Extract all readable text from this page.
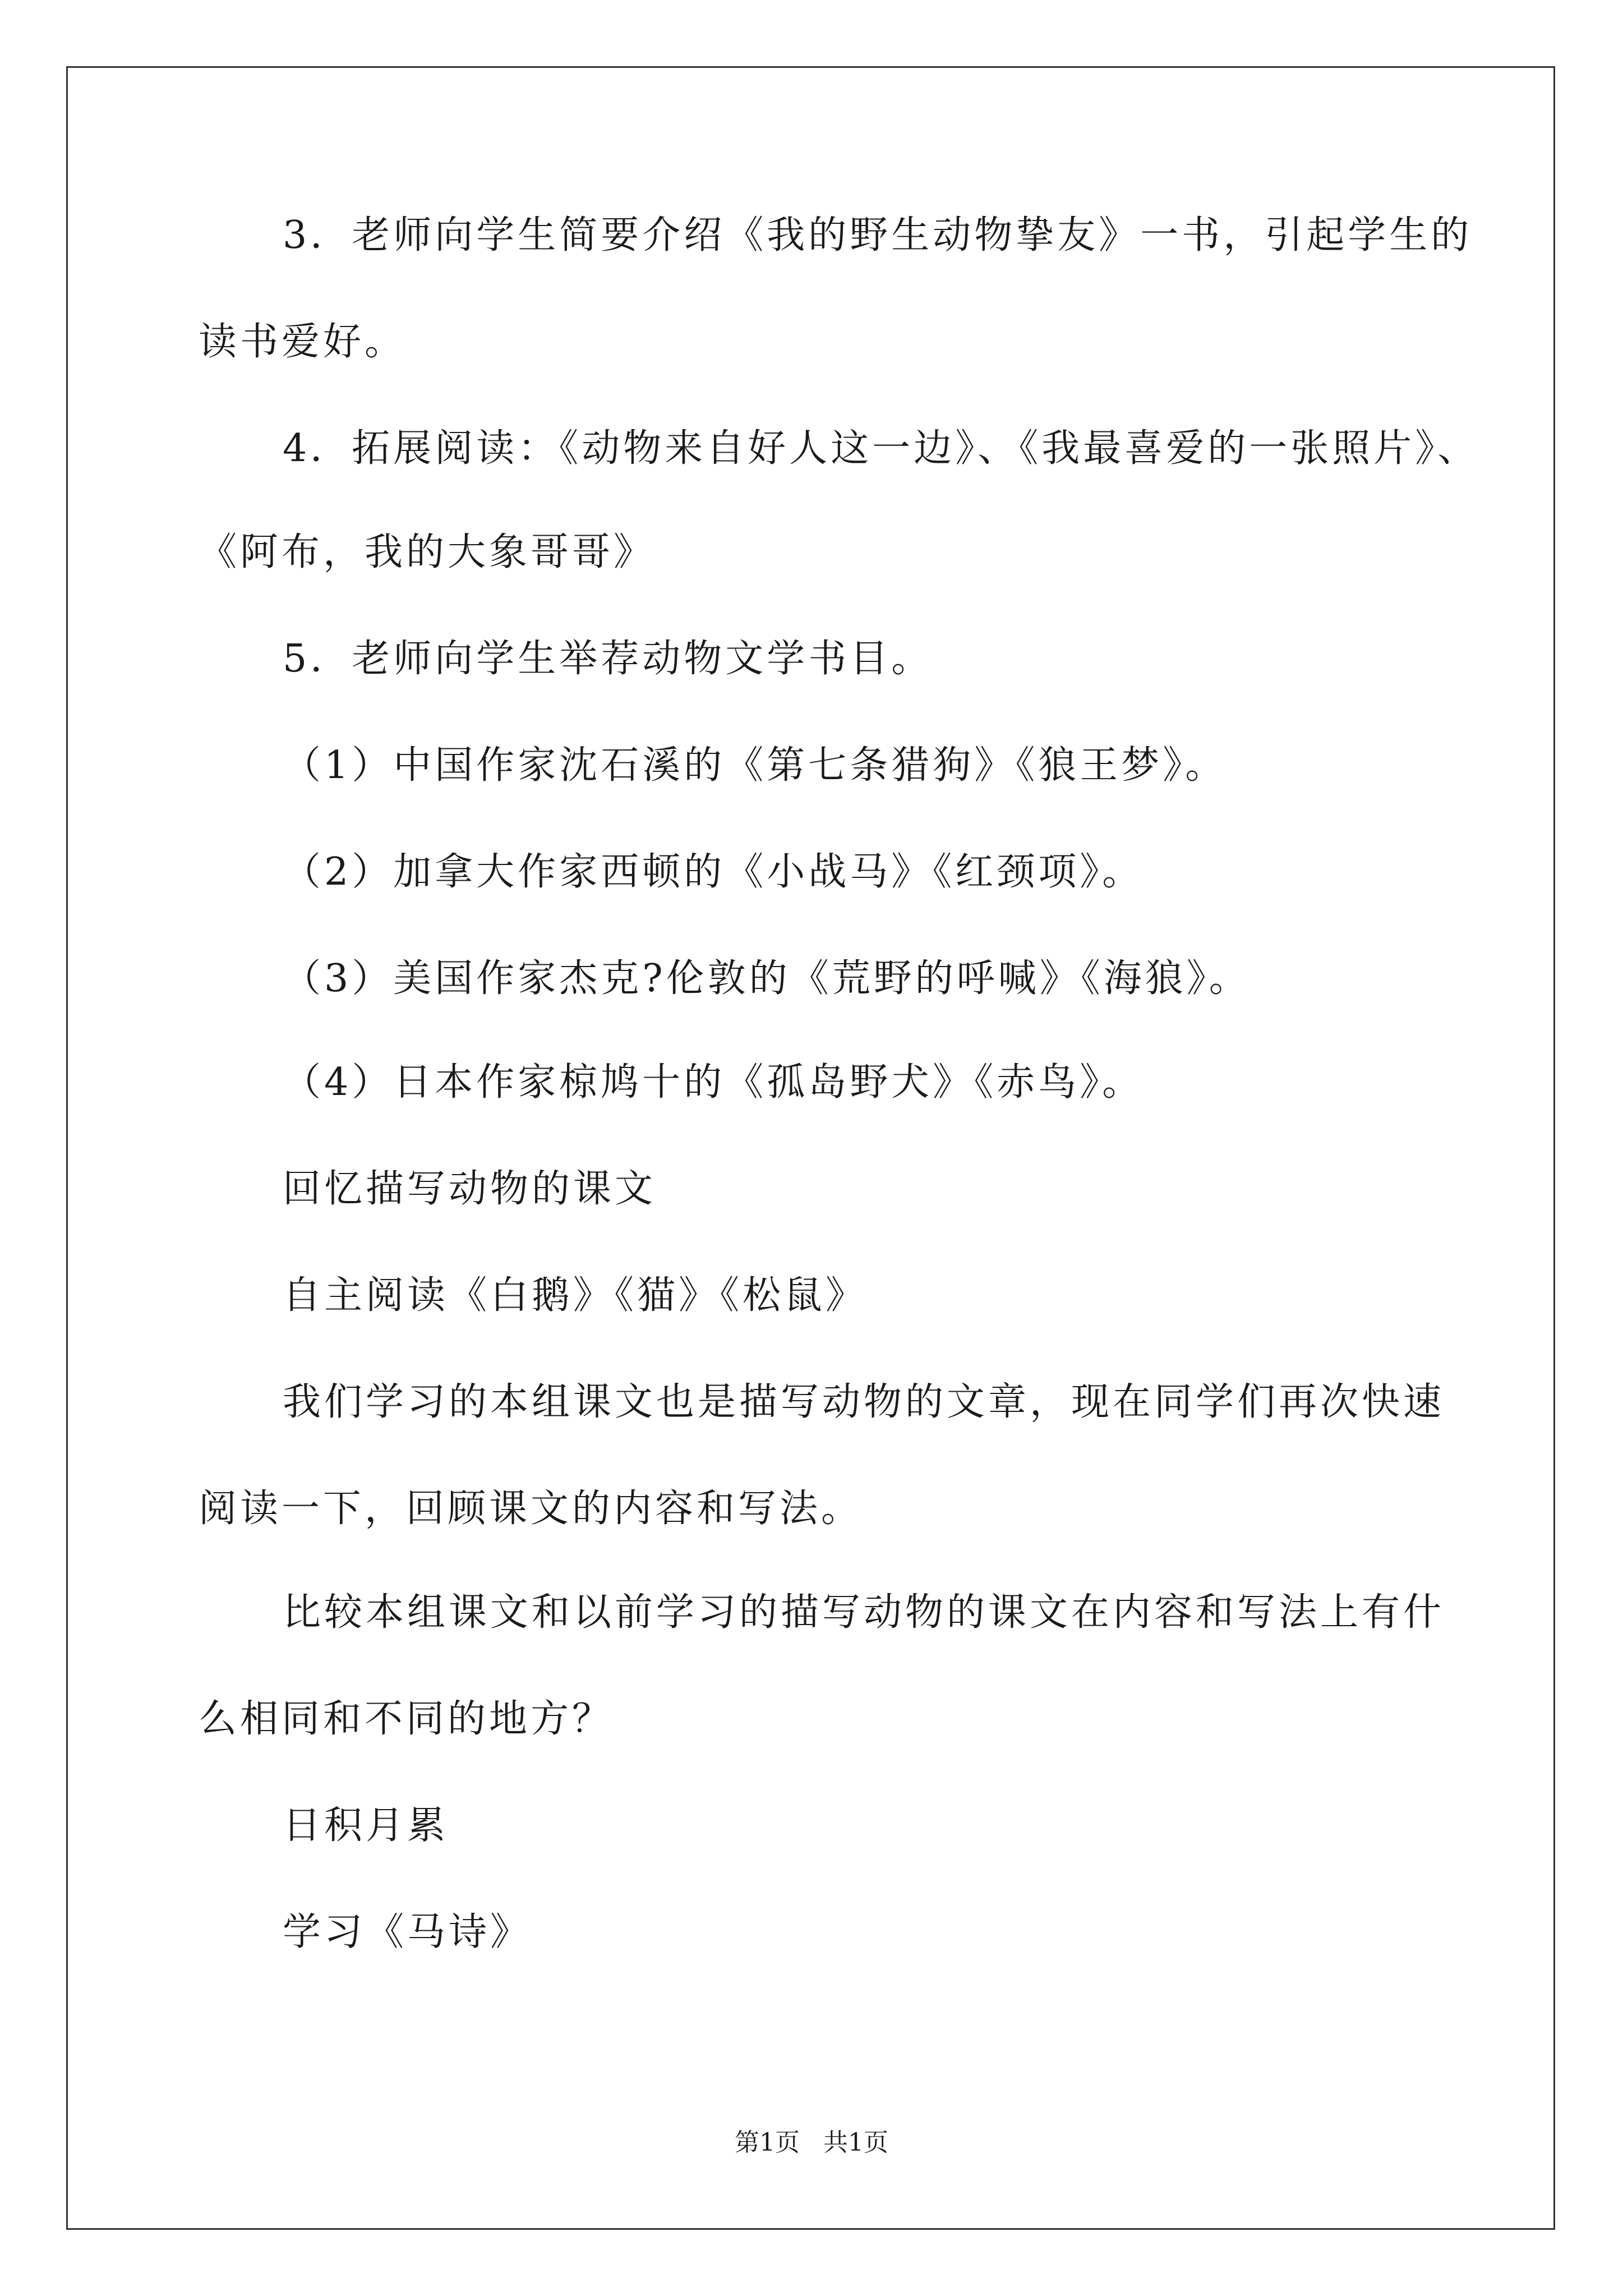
3．老师向学生简要介绍《我的野生动物挚友》一书，引起学生的
读书爱好。
4．拓展阅读：《动物来自好人这一边》、《我最喜爱的一张照片》、
《阿布，我的大象哥哥》
5．老师向学生举荐动物文学书目。
（1）中国作家沈石溪的《第七条猎狗》《狼王梦》。
（2）加拿大作家西顿的《小战马》《红颈项》。
（3）美国作家杰克?伦敦的《荒野的呼喊》《海狼》。
（4）日本作家椋鸠十的《孤岛野犬》《赤鸟》。
回忆描写动物的课文
自主阅读《白鹅》《猫》《松鼠》
我们学习的本组课文也是描写动物的文章，现在同学们再次快速
阅读一下，回顾课文的内容和写法。
比较本组课文和以前学习的描写动物的课文在内容和写法上有什
么相同和不同的地方？
日积月累
学习《马诗》
第1页 共1页
